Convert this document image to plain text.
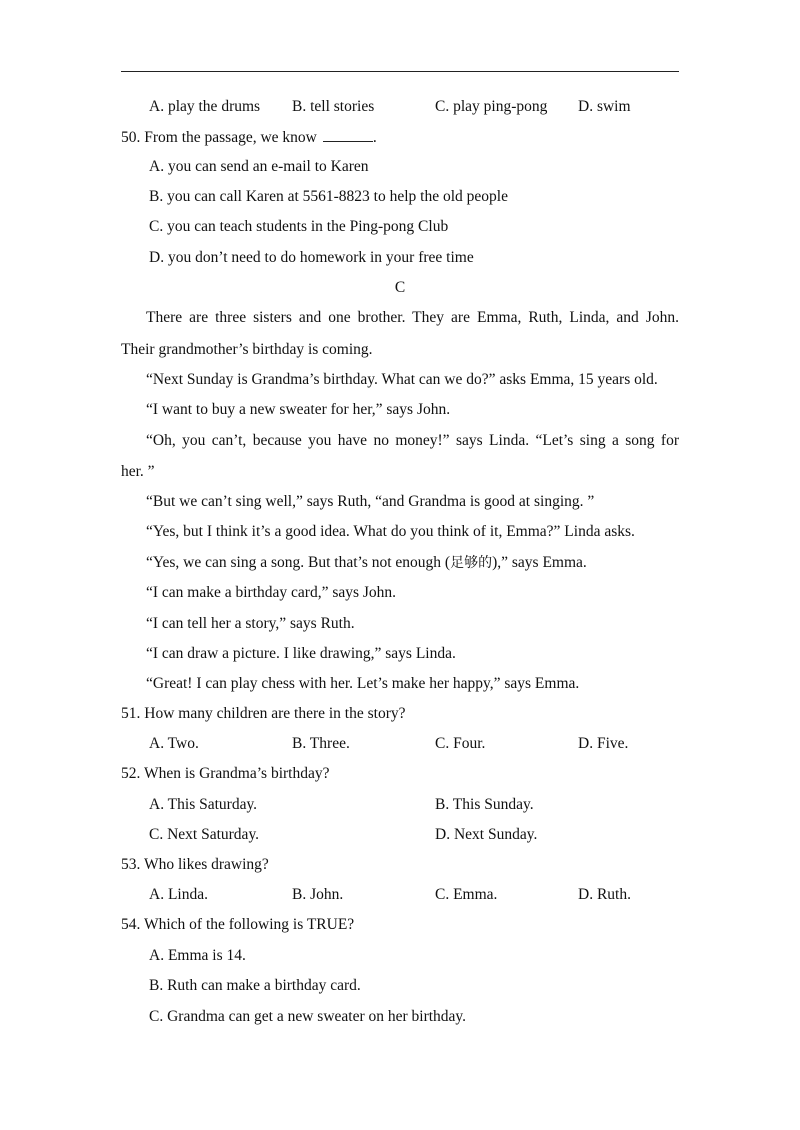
A. play the drums B. tell stories	C. play ping-pong D. swim
50. From the passage, we know	.
A. you can send an e-mail to Karen
B. you can call Karen at 5561-8823 to help the old people
C. you can teach students in the Ping-pong Club
D. you don’t need to do homework in your free time
C
There are three sisters and one brother. They are Emma, Ruth, Linda, and John.
Their grandmother’s birthday is coming.
“Next Sunday is Grandma’s birthday. What can we do?” asks Emma, 15 years old.
“I want to buy a new sweater for her,” says John.
“Oh, you can’t, because you have no money!” says Linda. “Let’s sing a song for
her. ”
“But we can’t sing well,” says Ruth, “and Grandma is good at singing. ”
“Yes, but I think it’s a good idea. What do you think of it, Emma?” Linda asks.
“Yes, we can sing a song. But that’s not enough (足够的),” says Emma.
“I can make a birthday card,” says John.
“I can tell her a story,” says Ruth.
“I can draw a picture. I like drawing,” says Linda.
“Great! I can play chess with her. Let’s make her happy,” says Emma.
51. How many children are there in the story?
A. Two.	B. Three.	C. Four.	D. Five.
52. When is Grandma’s birthday?
A. This Saturday.	B. This Sunday.
C. Next Saturday.	D. Next Sunday.
53. Who likes drawing?
A. Linda.	B. John.	C. Emma.	D. Ruth.
54. Which of the following is TRUE?
A. Emma is 14.
B. Ruth can make a birthday card.
C. Grandma can get a new sweater on her birthday.
